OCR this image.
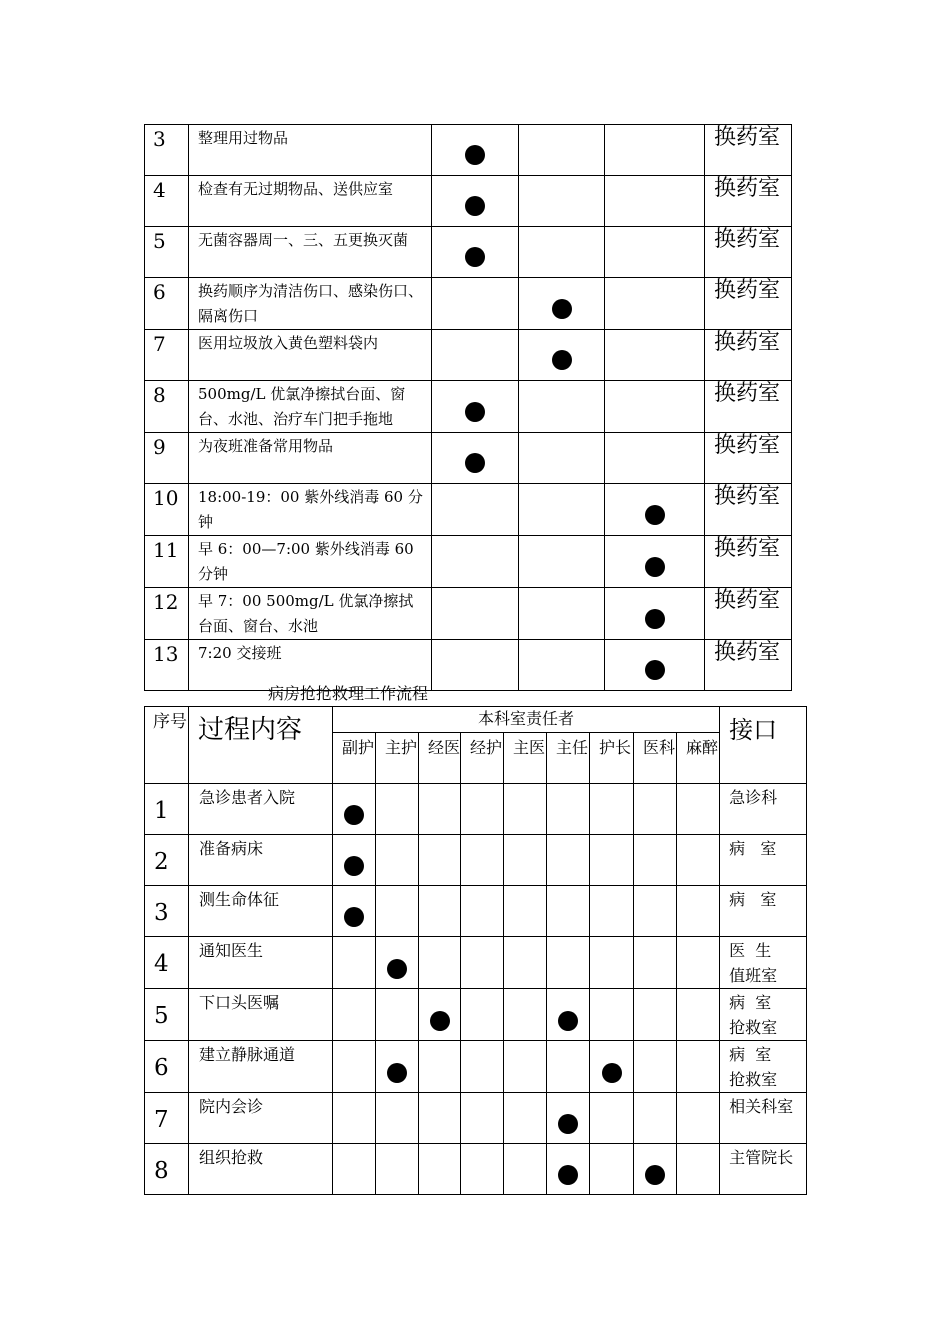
3	整理用过物品				换药室
4	检查有无过期物品、送供应室				换药室
5	无菌容器周一、三、五更换灭菌				换药室
6	换药顺序为清洁伤口、感染伤口、隔离伤口				换药室
7	医用垃圾放入黄色塑料袋内				换药室
8	500mg/L 优氯净擦拭台面、窗台、水池、治疗车门把手拖地				换药室
9	为夜班准备常用物品				换药室
10	18:00-19：00 紫外线消毒 60 分钟				换药室
11	早 6：00—7:00 紫外线消毒 60 分钟				换药室
12	早 7：00 500mg/L 优氯净擦拭台面、窗台、水池				换药室
13	7:20 交接班				换药室
病房抢抢救理工作流程
序号	过程内容	本科室责任者									接口
		副护	主护	经医	经护	主医	主任	护长	医科	麻醉	
1	急诊患者入院										急诊科
2	准备病床										病   室
3	测生命体征										病   室
4	通知医生										医  生
值班室
5	下口头医嘱										病  室
抢救室
6	建立静脉通道										病  室
抢救室
7	院内会诊										相关科室
8	组织抢救										主管院长
